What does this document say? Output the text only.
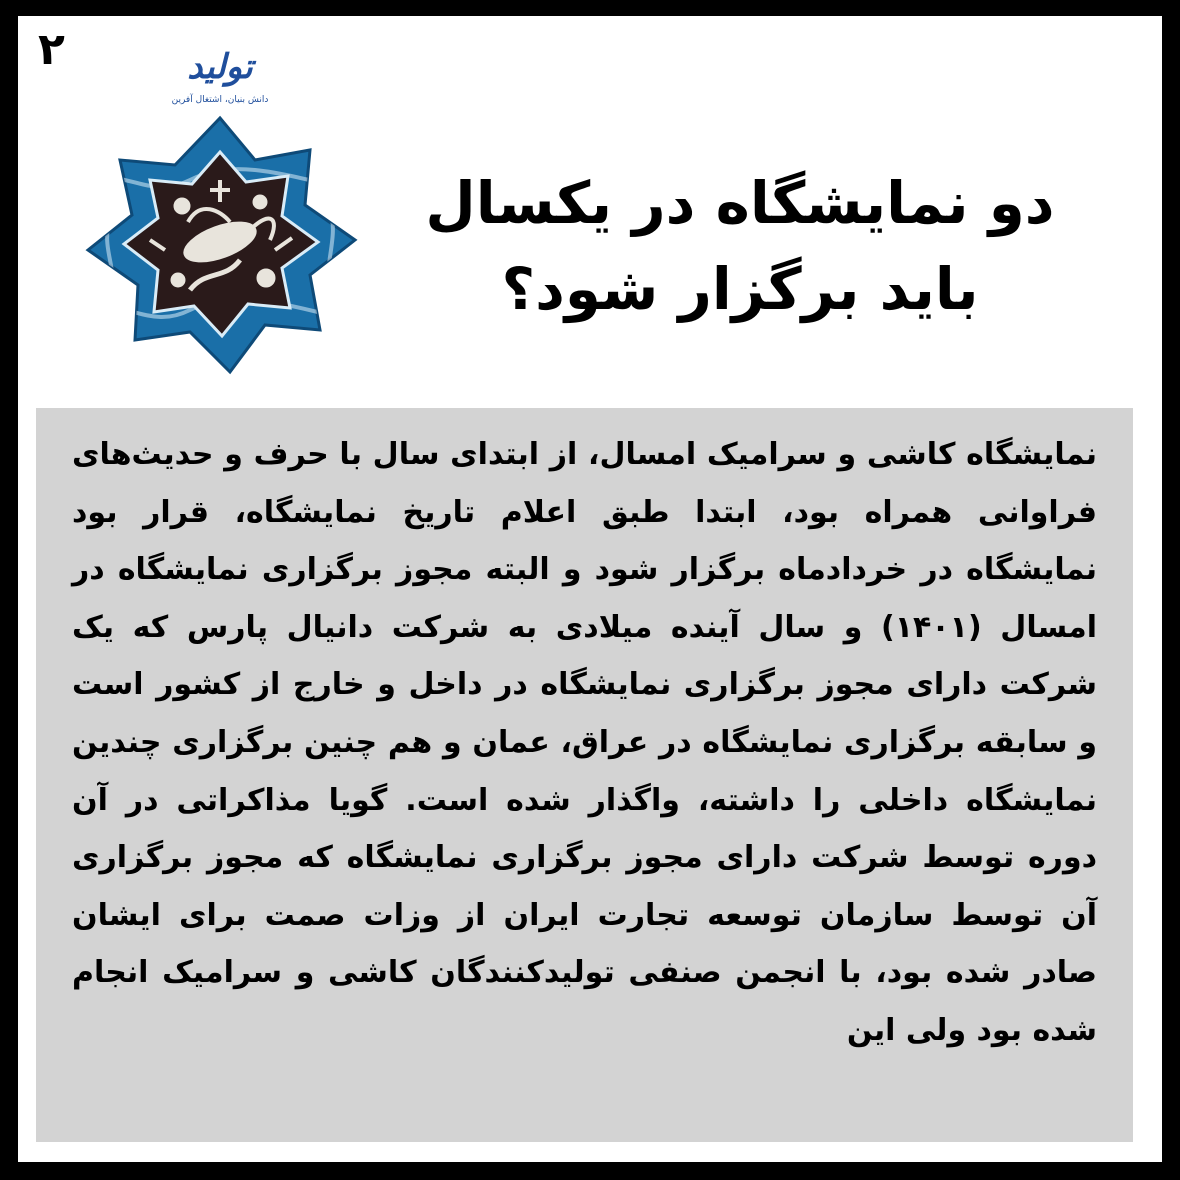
۲	تولید
دانش بنیان، اشتغال آفرین
دو نمایشگاه در یکسال
باید برگزار شود؟

نمایشگاه کاشی و سرامیک امسال، از ابتدای سال با حرف و حدیث‌های فراوانی همراه بود، ابتدا طبق اعلام تاریخ نمایشگاه، قرار بود نمایشگاه در خردادماه برگزار شود و البته مجوز برگزاری نمایشگاه در امسال (۱۴۰۱) و سال آینده میلادی به شرکت دانیال پارس که یک شرکت دارای مجوز برگزاری نمایشگاه در داخل و خارج از کشور است و سابقه برگزاری نمایشگاه در عراق، عمان و هم چنین برگزاری چندین نمایشگاه داخلی را داشته، واگذار شده است. گویا مذاکراتی در آن دوره توسط شرکت دارای مجوز برگزاری نمایشگاه که مجوز برگزاری آن توسط سازمان توسعه تجارت ایران از وزات صمت برای ایشان صادر شده بود، با انجمن صنفی تولیدکنندگان کاشی و سرامیک انجام شده بود ولی این
